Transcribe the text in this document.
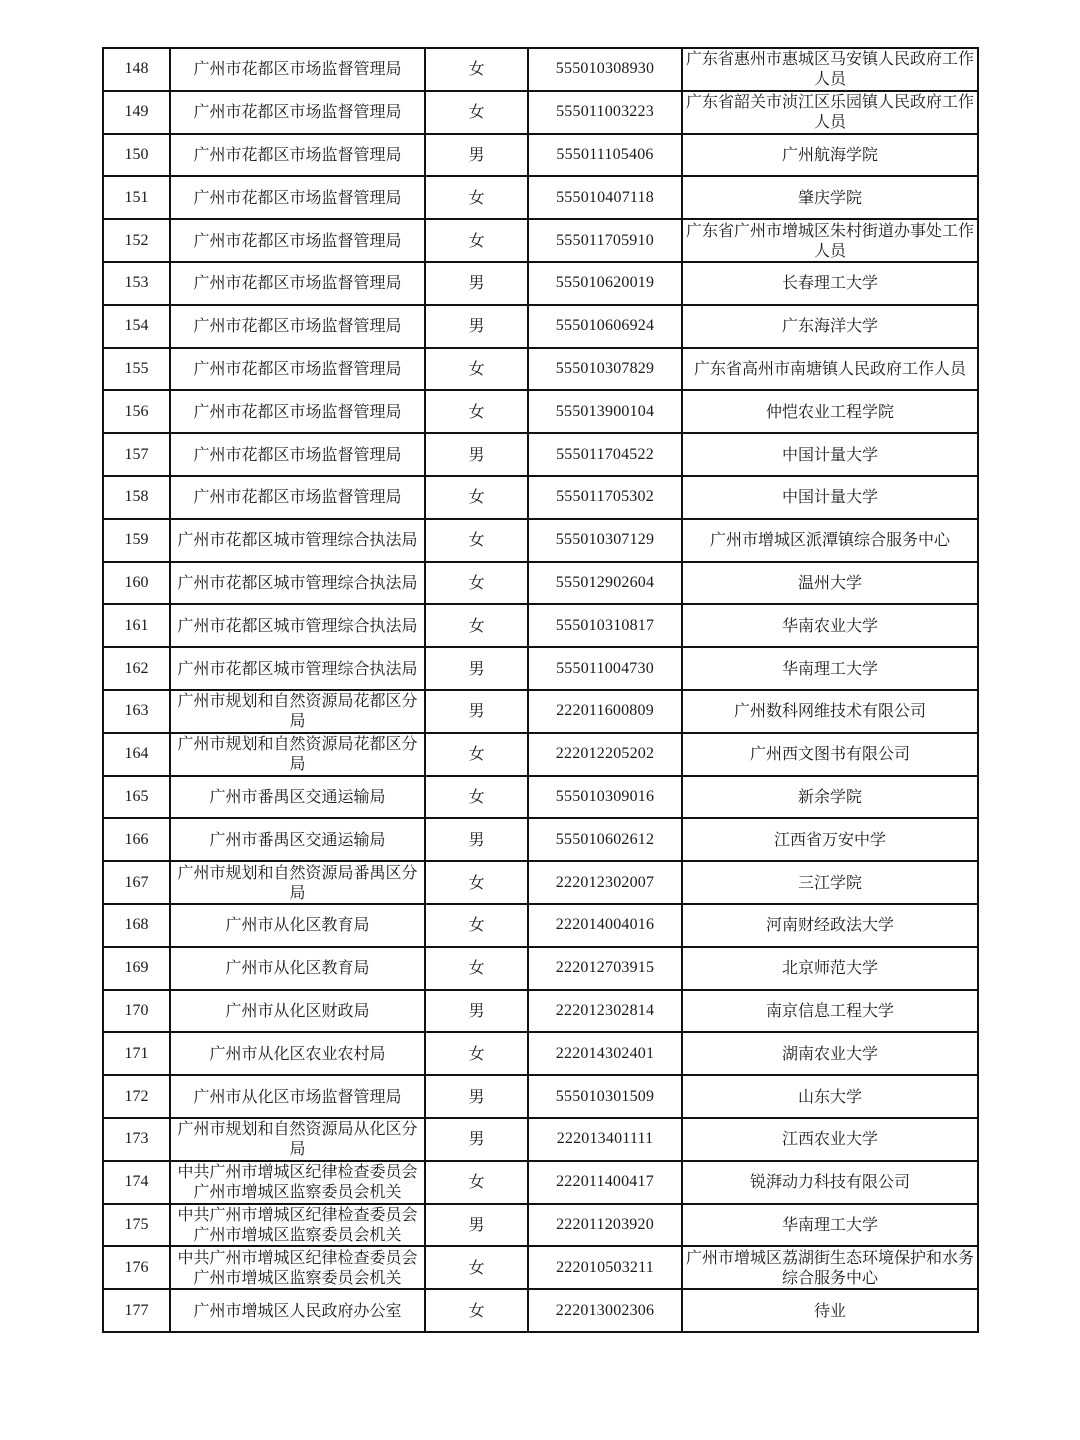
148	广州市花都区市场监督管理局	女	555010308930	广东省惠州市惠城区马安镇人民政府工作人员
149	广州市花都区市场监督管理局	女	555011003223	广东省韶关市浈江区乐园镇人民政府工作人员
150	广州市花都区市场监督管理局	男	555011105406	广州航海学院
151	广州市花都区市场监督管理局	女	555010407118	肇庆学院
152	广州市花都区市场监督管理局	女	555011705910	广东省广州市增城区朱村街道办事处工作人员
153	广州市花都区市场监督管理局	男	555010620019	长春理工大学
154	广州市花都区市场监督管理局	男	555010606924	广东海洋大学
155	广州市花都区市场监督管理局	女	555010307829	广东省高州市南塘镇人民政府工作人员
156	广州市花都区市场监督管理局	女	555013900104	仲恺农业工程学院
157	广州市花都区市场监督管理局	男	555011704522	中国计量大学
158	广州市花都区市场监督管理局	女	555011705302	中国计量大学
159	广州市花都区城市管理综合执法局	女	555010307129	广州市增城区派潭镇综合服务中心
160	广州市花都区城市管理综合执法局	女	555012902604	温州大学
161	广州市花都区城市管理综合执法局	女	555010310817	华南农业大学
162	广州市花都区城市管理综合执法局	男	555011004730	华南理工大学
163	广州市规划和自然资源局花都区分局	男	222011600809	广州数科网维技术有限公司
164	广州市规划和自然资源局花都区分局	女	222012205202	广州西文图书有限公司
165	广州市番禺区交通运输局	女	555010309016	新余学院
166	广州市番禺区交通运输局	男	555010602612	江西省万安中学
167	广州市规划和自然资源局番禺区分局	女	222012302007	三江学院
168	广州市从化区教育局	女	222014004016	河南财经政法大学
169	广州市从化区教育局	女	222012703915	北京师范大学
170	广州市从化区财政局	男	222012302814	南京信息工程大学
171	广州市从化区农业农村局	女	222014302401	湖南农业大学
172	广州市从化区市场监督管理局	男	555010301509	山东大学
173	广州市规划和自然资源局从化区分局	男	222013401111	江西农业大学
174	中共广州市增城区纪律检查委员会广州市增城区监察委员会机关	女	222011400417	锐湃动力科技有限公司
175	中共广州市增城区纪律检查委员会广州市增城区监察委员会机关	男	222011203920	华南理工大学
176	中共广州市增城区纪律检查委员会广州市增城区监察委员会机关	女	222010503211	广州市增城区荔湖街生态环境保护和水务综合服务中心
177	广州市增城区人民政府办公室	女	222013002306	待业
